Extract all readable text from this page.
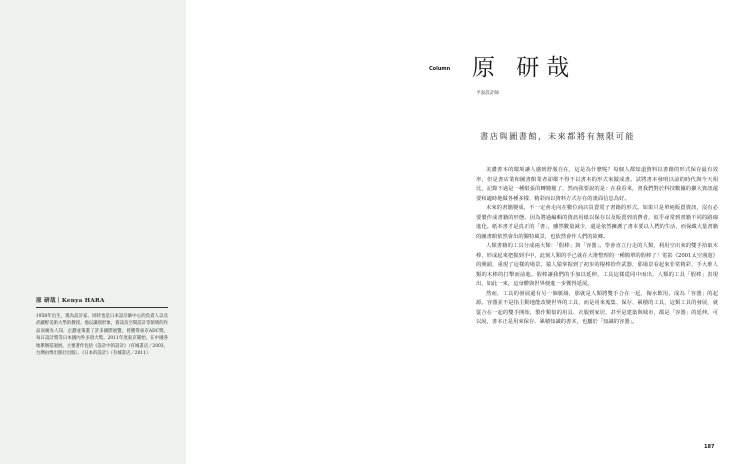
原 研哉｜Kenya HARA

1958年出生，現為設計家、同時也是日本設計師中心的負責人以及武藏野美術大學的教授。他以識別形象、資訊及空間設計等領域的作品而廣為人知，企劃並策畫了許多國際展覽。曾獲得東京ADC獎、每日設計獎等日本國內外多項大獎。2011年度東京開始，在中國各地舉辦巡迴展。主要著作包括《設計中的設計》（有城書店／2003，台灣由博出版社出版）、《日本的設計》（有城書店／2011）

Column 原 研哉
平面設計師
書店與圖書館，未來都將有無限可能

美濃書本的環境讓人感到舒服自在，這是為什麼呢？每個人都知道資料以書籍的形式保存最有效率，但是書店業和圖書館業者卻都不得不以書本的形式來做成書。試將書本發明以前的時代與今天相比，記錄不過是一種紙張的轉變罷了，然而我要說的是：在我看來，書我們對於科技數據的擴大資訊還要和適時地做各種多樣、精彩而以資料方式存在的畫面信息為好。

未來的書籍變成，不一定會走向在數位商店買賣電子書籍的形式。如果只是單純販賣資訊，沒有必要製作成書籍的形態。因為將過編輯的資訊用紙以保存以及販賣到消費者，似乎尋常到書籍不同的路線進化。紙本書才是真正的「書」，雖然數量減少，還是依然擁護了書本要以人們的生活，而保藏大量書籍的圖書館依然會出的獨特風景，也依然會作人們的故鄉。

人類書籍的工具分成兩大類：「假棒」與「容器」。學會直立行走的人類，利用空出來的雙手拾取木棒，形成起來把握到手中，此刻人類的手已就在大堆整理的一種簡單的假棒了！電影《2001太空漫遊》的開頭，重現了這樣的場景。猿人猿掌握到了初步的棍棒拾作武器，那場景看起來非常精彩，手大堆人類的木棒的打擊而前進。假棒讓我們的手加以延伸，工具這樣從同中而出，人類的工具「假棒」表現出，如此一來，這身體與世界便進一步獲得延展。

然而，工具的發展還有另一個脈絡，那就是人類將雙手合在一起，掬水飲用。成為「容器」的起源。容器並不是指主動地能改變世界的工具，而是用來蒐集、保存、累積的工具，這類工具的發展，就從合在一起的雙手開始，製作類似的用具、衣服到家居，甚至是建築與城市，都是「容器」的延伸。可以說，書本正是用來保存、累積知識的書本，也屬於「知識的容器」。

187
